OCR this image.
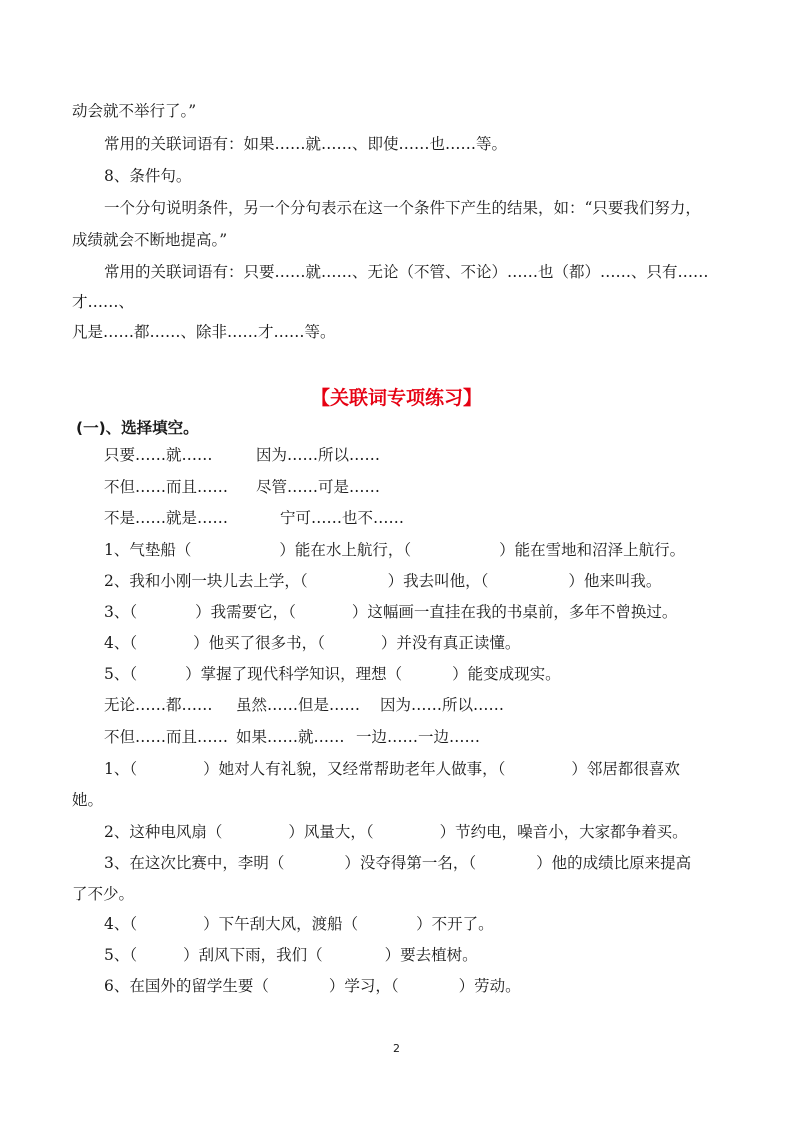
动会就不举行了。”
常用的关联词语有：如果……就……、即使……也……等。
8、条件句。
一个分句说明条件，另一个分句表示在这一个条件下产生的结果，如：“只要我们努力，
成绩就会不断地提高。”
常用的关联词语有：只要……就……、无论（不管、不论）……也（都）……、只有……
才……、
凡是……都……、除非……才……等。
【关联词专项练习】
(一)、选择填空。
只要……就……	因为……所以……
不但……而且…… 尽管……可是……
不是……就是……	宁可……也不……
1、气垫船（	）能在水上航行，（	）能在雪地和沼泽上航行。
2、我和小刚一块儿去上学，（	）我去叫他，（	）他来叫我。
3、（	）我需要它，（	）这幅画一直挂在我的书桌前，多年不曾换过。
4、（	）他买了很多书，（	）并没有真正读懂。
5、（	）掌握了现代科学知识，理想（	）能变成现实。
无论……都…… 虽然……但是…… 因为……所以……
不但……而且…… 如果……就…… 一边……一边……
1、（	）她对人有礼貌，又经常帮助老年人做事，（	）邻居都很喜欢
她。
2、这种电风扇（	）风量大，（	）节约电，噪音小，大家都争着买。
3、在这次比赛中，李明（	）没夺得第一名，（	）他的成绩比原来提高
了不少。
4、（	）下午刮大风，渡船（	）不开了。
5、（	）刮风下雨，我们（	）要去植树。
6、在国外的留学生要（	）学习，（	）劳动。
2
